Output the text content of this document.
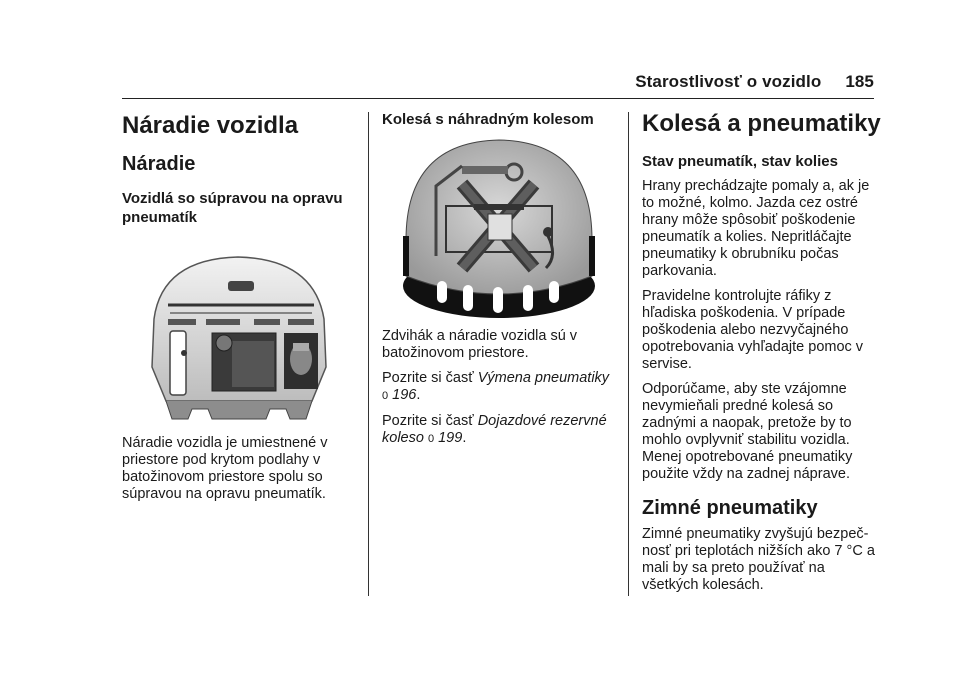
Starostlivosť o vozidlo 185
Náradie vozidla
Náradie
Vozidlá so súpravou na opravu pneumatík

Náradie vozidla je umiestnené v priestore pod krytom podlahy v batožinovom priestore spolu so súpravou na opravu pneumatík.

Kolesá s náhradným kolesom

Zdvihák a náradie vozidla sú v batožinovom priestore.

Pozrite si časť Výmena pneumatiky
0 196.

Pozrite si časť Dojazdové rezervné koleso 0 199.

Kolesá a pneumatiky
Stav pneumatík, stav kolies

Hrany prechádzajte pomaly a, ak je to možné, kolmo. Jazda cez ostré hrany môže spôsobiť poškodenie pneumatík a kolies. Nepritláčajte pneumatiky k obrubníku počas parkovania.

Pravidelne kontrolujte ráfiky z hľadiska poškodenia. V prípade poškodenia alebo nezvyčajného opotrebovania vyhľadajte pomoc v servise.

Odporúčame, aby ste vzájomne nevymieňali predné kolesá so zadnými a naopak, pretože by to mohlo ovplyvniť stabilitu vozidla. Menej opotrebované pneumatiky použite vždy na zadnej náprave.

Zimné pneumatiky

Zimné pneumatiky zvyšujú bezpeč‐nosť pri teplotách nižších ako 7 °C a mali by sa preto používať na všetkých kolesách.
